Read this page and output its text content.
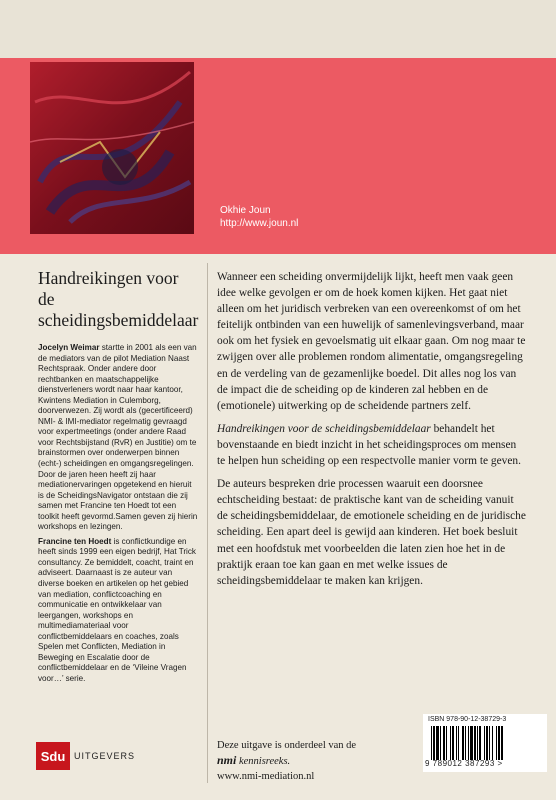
Okhie Joun
http://www.joun.nl
Handreikingen voor de scheidingsbemiddelaar

Jocelyn Weimar startte in 2001 als een van de mediators van de pilot Mediation Naast Rechtspraak. Onder andere door rechtbanken en maatschappelijke dienstverleners wordt naar haar kantoor, Kwintens Mediation in Culemborg, doorverwezen. Zij wordt als (gecertificeerd) NMI- & IMI-mediator regelmatig gevraagd voor expertmeetings (onder andere Raad voor Rechtsbijstand (RvR) en Justitie) om te brainstormen over onderwerpen binnen (echt-) scheidingen en omgangsregelingen. Door de jaren heen heeft zij haar mediationervaringen opgetekend en hieruit is de ScheidingsNavigator ontstaan die zij samen met Francine ten Hoedt tot een toolkit heeft gevormd.Samen geven zij hierin workshops en lezingen.

Francine ten Hoedt is conflictkundige en heeft sinds 1999 een eigen bedrijf, Hat Trick consultancy. Ze bemiddelt, coacht, traint en adviseert. Daarnaast is ze auteur van diverse boeken en artikelen op het gebied van mediation, conflictcoaching en communicatie en ontwikkelaar van leergangen, workshops en multimediamateriaal voor conflictbemiddelaars en coaches, zoals Spelen met Conflicten, Mediation in Beweging en Escalatie door de conflictbemiddelaar en de ‘Vileine Vragen voor…’ serie.

Wanneer een scheiding onvermijdelijk lijkt, heeft men vaak geen idee welke gevolgen er om de hoek komen kijken. Het gaat niet alleen om het juridisch verbreken van een overeenkomst of om het feitelijk ontbinden van een huwelijk of samenlevingsverband, maar ook om het fysiek en gevoelsmatig uit elkaar gaan. Om nog maar te zwijgen over alle problemen rondom alimentatie, omgangsregeling en de verdeling van de gezamenlijke boedel. Dit alles nog los van de impact die de scheiding op de kinderen zal hebben en de (emotionele) uitwerking op de scheidende partners zelf.

Handreikingen voor de scheidingsbemiddelaar behandelt het bovenstaande en biedt inzicht in het scheidingsproces om mensen te helpen hun scheiding op een respectvolle manier vorm te geven.

De auteurs bespreken drie processen waaruit een doorsnee echtscheiding bestaat: de praktische kant van de scheiding vanuit de scheidingsbemiddelaar, de emotionele scheiding en de juridische scheiding. Een apart deel is gewijd aan kinderen. Het boek besluit met een hoofdstuk met voorbeelden die laten zien hoe het in de praktijk eraan toe kan gaan en met welke issues de scheidingsbemiddelaar te maken kan krijgen.

Sdu UITGEVERS
Deze uitgave is onderdeel van de
nmi kennisreeks.
www.nmi-mediation.nl
ISBN 978-90-12-38729-3
9 789012 387293 >
